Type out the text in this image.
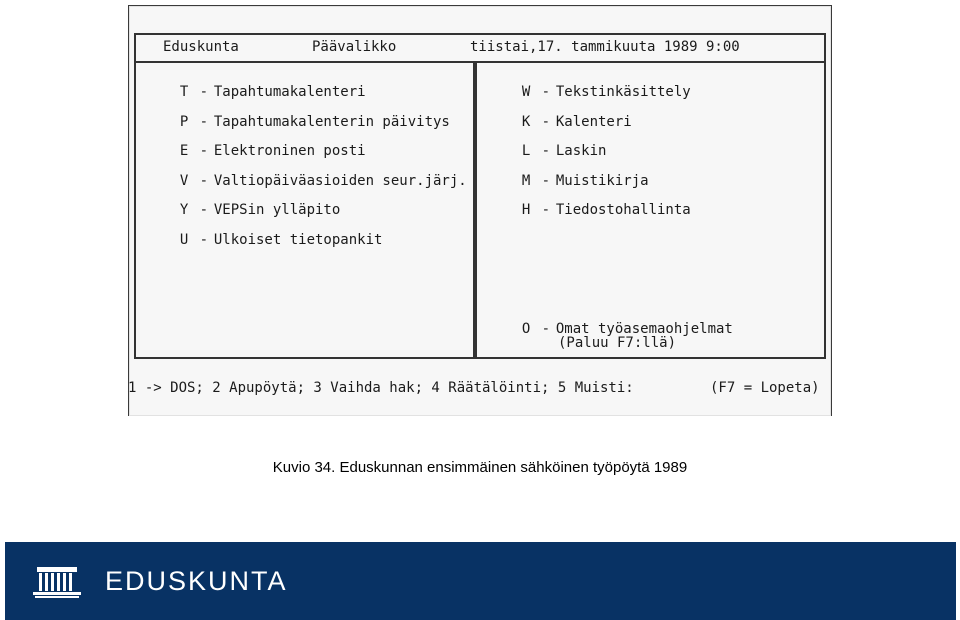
Eduskunta	Päävalikko	tiistai,17. tammikuuta 1989 9:00

T - Tapahtumakalenteri

P - Tapahtumakalenterin päivitys

E - Elektroninen posti

V - Valtiopäiväasioiden seur.järj.

Y - VEPSin ylläpito

U - Ulkoiset tietopankit

W - Tekstinkäsittely

K - Kalenteri

L - Laskin

M - Muistikirja

H - Tiedostohallinta

O - Omat työasemaohjelmat

(Paluu F7:llä)
1 -> DOS; 2 Apupöytä; 3 Vaihda hak; 4 Räätälöinti; 5 Muisti:	(F7 = Lopeta)
Kuvio 34. Eduskunnan ensimmäinen sähköinen työpöytä 1989
EDUSKUNTA
